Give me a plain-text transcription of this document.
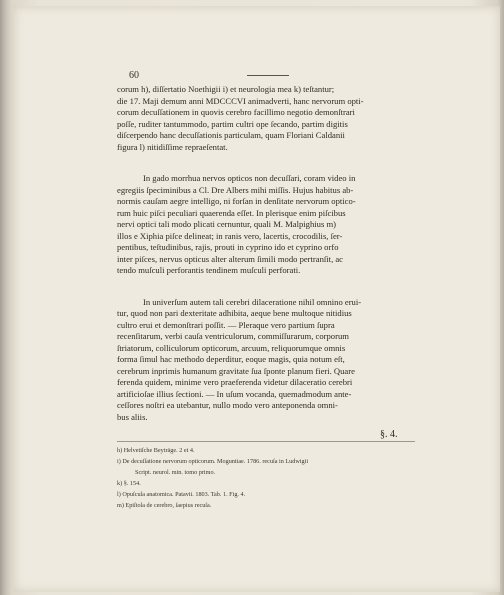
60
corum h), diſſertatio Noethigii i) et neurologia mea k) teſtantur;
die 17. Maji demum anni MDCCCVI animadverti, hanc nervorum opti-
corum decuſſationem in quovis cerebro facillimo negotio demonſtrari
poſſe, ruditer tantummodo, partim cultri ope ſecando, partim digitis
diſcerpendo hanc decuſſationis particulam, quam Floriani Caldanii
figura l) nitidiſſime repraeſentat.
In gado morrhua nervos opticos non decuſſari, coram video in
egregiis ſpeciminibus a Cl. Dre Albers mihi miſſis. Hujus habitus ab-
normis cauſam aegre intelligo, ni forſan in denſitate nervorum optico-
rum huic piſci peculiari quaerenda eſſet. In plerisque enim piſcibus
nervi optici tali modo plicati cernuntur, quali M. Malpighius m)
illos e Xiphia piſce delineat; in ranis vero, lacertis, crocodilis, ſer-
pentibus, teſtudinibus, rajis, prouti in cyprino ido et cyprino orfo
inter piſces, nervus opticus alter alterum ſimili modo pertranſit, ac
tendo muſculi perforantis tendinem muſculi perforati.
In univerſum autem tali cerebri dilaceratione nihil omnino erui-
tur, quod non pari dexteritate adhibita, aeque bene multoque nitidius
cultro erui et demonſtrari poſſit. — Pleraque vero partium ſupra
recenſitarum, verbi cauſa ventriculorum, commiſſurarum, corporum
ſtriatorum, colliculorum opticorum, arcuum, reliquorumque omnis
forma ſimul hac methodo deperditur, eoque magis, quia notum eſt,
cerebrum inprimis humanum gravitate ſua ſponte planum fieri. Quare
ferenda quidem, minime vero praeferenda videtur dilaceratio cerebri
artificioſae illius ſectioni. — In uſum vocanda, quemadmodum ante-
ceſſores noſtri ea utebantur, nullo modo vero anteponenda omni-
bus aliis.
§. 4.
h) Helvetiſche Beyträge. 2 et 4.
i) De decuſſatione nervorum opticorum. Moguntiae. 1786. recuſa in Ludwigii
Script. neurol. min. tomo primo.
k) §. 154.
l) Opuſcula anatomica. Patavii. 1803. Tab. 1. Fig. 4.
m) Epiſtola de cerebro, ſaepius recuſa.
